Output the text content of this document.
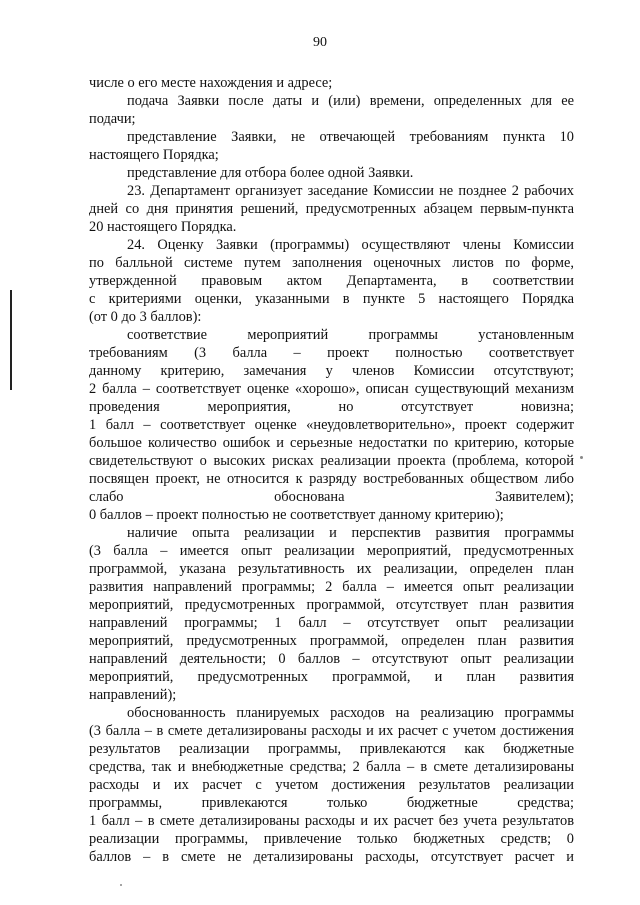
90
числе о его месте нахождения и адресе;
подача Заявки после даты и (или) времени, определенных для ее
подачи;
представление Заявки, не отвечающей требованиям пункта 10
настоящего Порядка;
представление для отбора более одной Заявки.
23. Департамент организует заседание Комиссии не позднее 2 рабочих
дней со дня принятия решений, предусмотренных абзацем первым-пункта
20 настоящего Порядка.
24. Оценку Заявки (программы) осуществляют члены Комиссии
по балльной системе путем заполнения оценочных листов по форме,
утвержденной правовым актом Департамента, в соответствии
с критериями оценки, указанными в пункте 5 настоящего Порядка
(от 0 до 3 баллов):
соответствие мероприятий программы установленным
требованиям (3 балла – проект полностью соответствует
данному критерию, замечания у членов Комиссии отсутствуют;
2 балла – соответствует оценке «хорошо», описан существующий механизм
проведения мероприятия, но отсутствует новизна;
1 балл – соответствует оценке «неудовлетворительно», проект содержит
большое количество ошибок и серьезные недостатки по критерию, которые
свидетельствуют о высоких рисках реализации проекта (проблема, которой
посвящен проект, не относится к разряду востребованных обществом либо
слабо обоснована Заявителем);
0 баллов – проект полностью не соответствует данному критерию);
наличие опыта реализации и перспектив развития программы
(3 балла – имеется опыт реализации мероприятий, предусмотренных
программой, указана результативность их реализации, определен план
развития направлений программы; 2 балла – имеется опыт реализации
мероприятий, предусмотренных программой, отсутствует план развития
направлений программы; 1 балл – отсутствует опыт реализации
мероприятий, предусмотренных программой, определен план развития
направлений деятельности; 0 баллов – отсутствуют опыт реализации
мероприятий, предусмотренных программой, и план развития
направлений);
обоснованность планируемых расходов на реализацию программы
(3 балла – в смете детализированы расходы и их расчет с учетом достижения
результатов реализации программы, привлекаются как бюджетные
средства, так и внебюджетные средства; 2 балла – в смете детализированы
расходы и их расчет с учетом достижения результатов реализации
программы, привлекаются только бюджетные средства;
1 балл – в смете детализированы расходы и их расчет без учета результатов
реализации программы, привлечение только бюджетных средств; 0
баллов – в смете не детализированы расходы, отсутствует расчет и
